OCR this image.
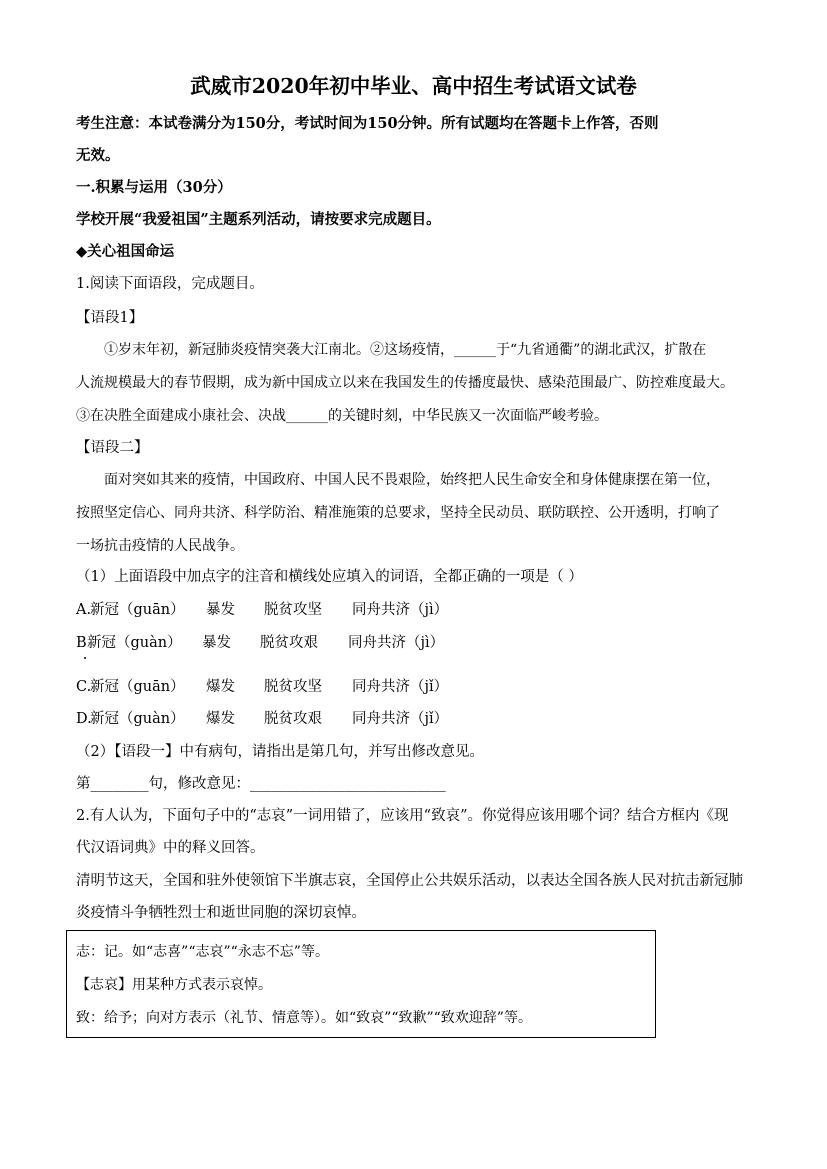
武威市2020年初中毕业、高中招生考试语文试卷
考生注意：本试卷满分为150分，考试时间为150分钟。所有试题均在答题卡上作答，否则
无效。
一.积累与运用（30分）
学校开展“我爱祖国”主题系列活动，请按要求完成题目。
◆关心祖国命运
1.阅读下面语段，完成题目。
【语段1】
①岁末年初，新冠肺炎疫情突袭大江南北。②这场疫情，______于“九省通衢”的湖北武汉，扩散在
人流规模最大的春节假期，成为新中国成立以来在我国发生的传播度最快、感染范围最广、防控难度最大。
③在决胜全面建成小康社会、决战______的关键时刻，中华民族又一次面临严峻考验。
【语段二】
面对突如其来的疫情，中国政府、中国人民不畏艰险，始终把人民生命安全和身体健康摆在第一位，
按照坚定信心、同舟共济、科学防治、精准施策的总要求，坚持全民动员、联防联控、公开透明，打响了
一场抗击疫情的人民战争。
（1）上面语段中加点字的注音和横线处应填入的词语，全都正确的一项是（ ）
A.
新冠（guān） 暴发 脱贫攻坚 同舟共济（jì）
B 新冠（guàn） 暴发 脱贫攻艰 同舟共济（jì）
C.
新冠（guān） 爆发 脱贫攻坚 同舟共济（jǐ）
D.
新冠（guàn） 爆发 脱贫攻艰 同舟共济（jǐ）
（2）【语段一】中有病句，请指出是第几句，并写出修改意见。
第________句，修改意见：___________________________
2.有人认为，下面句子中的“志哀”一词用错了，应该用“致哀”。你觉得应该用哪个词？结合方框内《现
代汉语词典》中的释义回答。
清明节这天，全国和驻外使领馆下半旗志哀，全国停止公共娱乐活动，以表达全国各族人民对抗击新冠肺
炎疫情斗争牺牲烈士和逝世同胞的深切哀悼。
志：记。如“志喜”“志哀”“永志不忘”等。
【志哀】用某种方式表示哀悼。
致：给予；向对方表示（礼节、情意等）。如“致哀”“致歉”“致欢迎辞”等。
